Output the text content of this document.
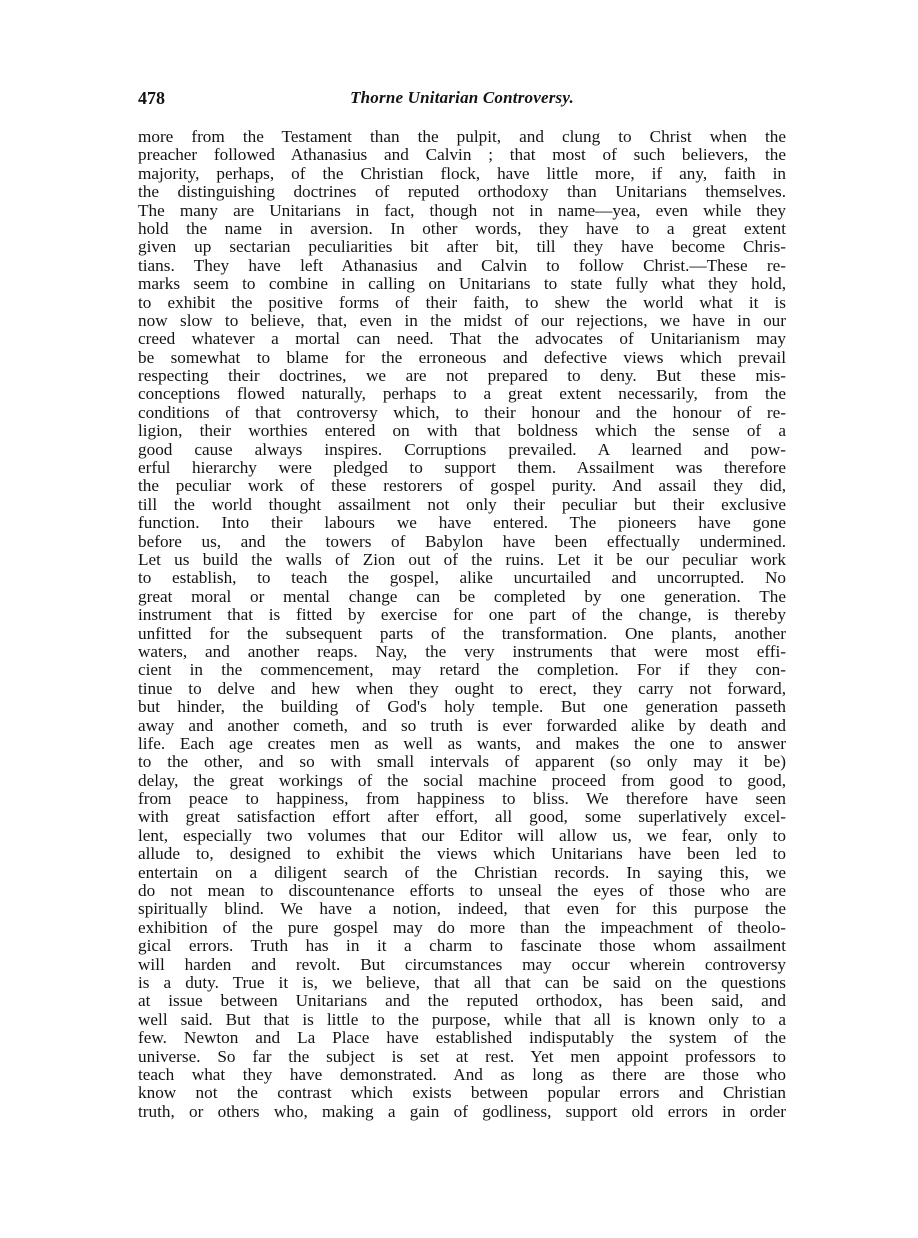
478	Thorne Unitarian Controversy.
more from the Testament than the pulpit, and clung to Christ when the
preacher followed Athanasius and Calvin ; that most of such believers, the
majority, perhaps, of the Christian flock, have little more, if any, faith in
the distinguishing doctrines of reputed orthodoxy than Unitarians themselves.
The many are Unitarians in fact, though not in name—yea, even while they
hold the name in aversion. In other words, they have to a great extent
given up sectarian peculiarities bit after bit, till they have become Chris-
tians. They have left Athanasius and Calvin to follow Christ.—These re-
marks seem to combine in calling on Unitarians to state fully what they hold,
to exhibit the positive forms of their faith, to shew the world what it is
now slow to believe, that, even in the midst of our rejections, we have in our
creed whatever a mortal can need. That the advocates of Unitarianism may
be somewhat to blame for the erroneous and defective views which prevail
respecting their doctrines, we are not prepared to deny. But these mis-
conceptions flowed naturally, perhaps to a great extent necessarily, from the
conditions of that controversy which, to their honour and the honour of re-
ligion, their worthies entered on with that boldness which the sense of a
good cause always inspires. Corruptions prevailed. A learned and pow-
erful hierarchy were pledged to support them. Assailment was therefore
the peculiar work of these restorers of gospel purity. And assail they did,
till the world thought assailment not only their peculiar but their exclusive
function. Into their labours we have entered. The pioneers have gone
before us, and the towers of Babylon have been effectually undermined.
Let us build the walls of Zion out of the ruins. Let it be our peculiar work
to establish, to teach the gospel, alike uncurtailed and uncorrupted. No
great moral or mental change can be completed by one generation. The
instrument that is fitted by exercise for one part of the change, is thereby
unfitted for the subsequent parts of the transformation. One plants, another
waters, and another reaps. Nay, the very instruments that were most effi-
cient in the commencement, may retard the completion. For if they con-
tinue to delve and hew when they ought to erect, they carry not forward,
but hinder, the building of God's holy temple. But one generation passeth
away and another cometh, and so truth is ever forwarded alike by death and
life. Each age creates men as well as wants, and makes the one to answer
to the other, and so with small intervals of apparent (so only may it be)
delay, the great workings of the social machine proceed from good to good,
from peace to happiness, from happiness to bliss. We therefore have seen
with great satisfaction effort after effort, all good, some superlatively excel-
lent, especially two volumes that our Editor will allow us, we fear, only to
allude to, designed to exhibit the views which Unitarians have been led to
entertain on a diligent search of the Christian records. In saying this, we
do not mean to discountenance efforts to unseal the eyes of those who are
spiritually blind. We have a notion, indeed, that even for this purpose the
exhibition of the pure gospel may do more than the impeachment of theolo-
gical errors. Truth has in it a charm to fascinate those whom assailment
will harden and revolt. But circumstances may occur wherein controversy
is a duty. True it is, we believe, that all that can be said on the questions
at issue between Unitarians and the reputed orthodox, has been said, and
well said. But that is little to the purpose, while that all is known only to a
few. Newton and La Place have established indisputably the system of the
universe. So far the subject is set at rest. Yet men appoint professors to
teach what they have demonstrated. And as long as there are those who
know not the contrast which exists between popular errors and Christian
truth, or others who, making a gain of godliness, support old errors in order
